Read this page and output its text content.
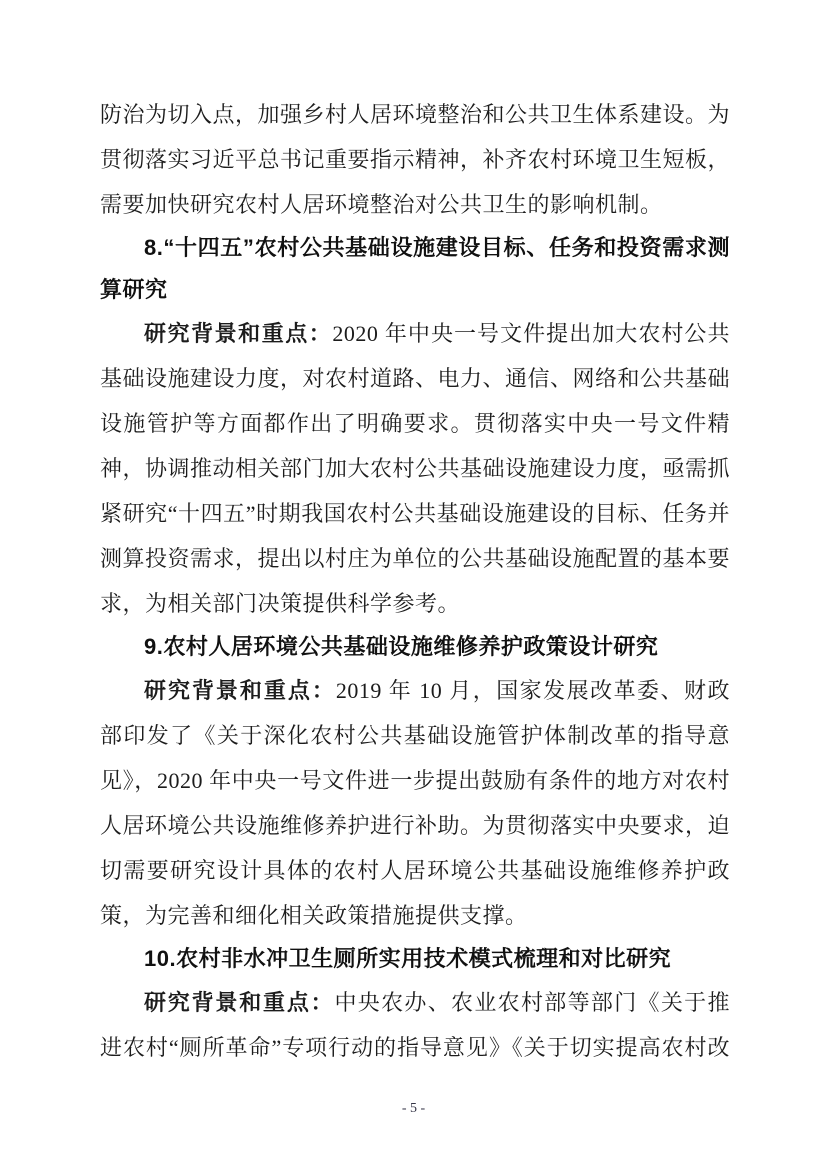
防治为切入点，加强乡村人居环境整治和公共卫生体系建设。为贯彻落实习近平总书记重要指示精神，补齐农村环境卫生短板，需要加快研究农村人居环境整治对公共卫生的影响机制。

8.“十四五”农村公共基础设施建设目标、任务和投资需求测算研究

研究背景和重点：2020 年中央一号文件提出加大农村公共基础设施建设力度，对农村道路、电力、通信、网络和公共基础设施管护等方面都作出了明确要求。贯彻落实中央一号文件精神，协调推动相关部门加大农村公共基础设施建设力度，亟需抓紧研究“十四五”时期我国农村公共基础设施建设的目标、任务并测算投资需求，提出以村庄为单位的公共基础设施配置的基本要求，为相关部门决策提供科学参考。

9.农村人居环境公共基础设施维修养护政策设计研究

研究背景和重点：2019 年 10 月，国家发展改革委、财政部印发了《关于深化农村公共基础设施管护体制改革的指导意见》，2020 年中央一号文件进一步提出鼓励有条件的地方对农村人居环境公共设施维修养护进行补助。为贯彻落实中央要求，迫切需要研究设计具体的农村人居环境公共基础设施维修养护政策，为完善和细化相关政策措施提供支撑。

10.农村非水冲卫生厕所实用技术模式梳理和对比研究

研究背景和重点：中央农办、农业农村部等部门《关于推进农村“厕所革命”专项行动的指导意见》《关于切实提高农村改

- 5 -
